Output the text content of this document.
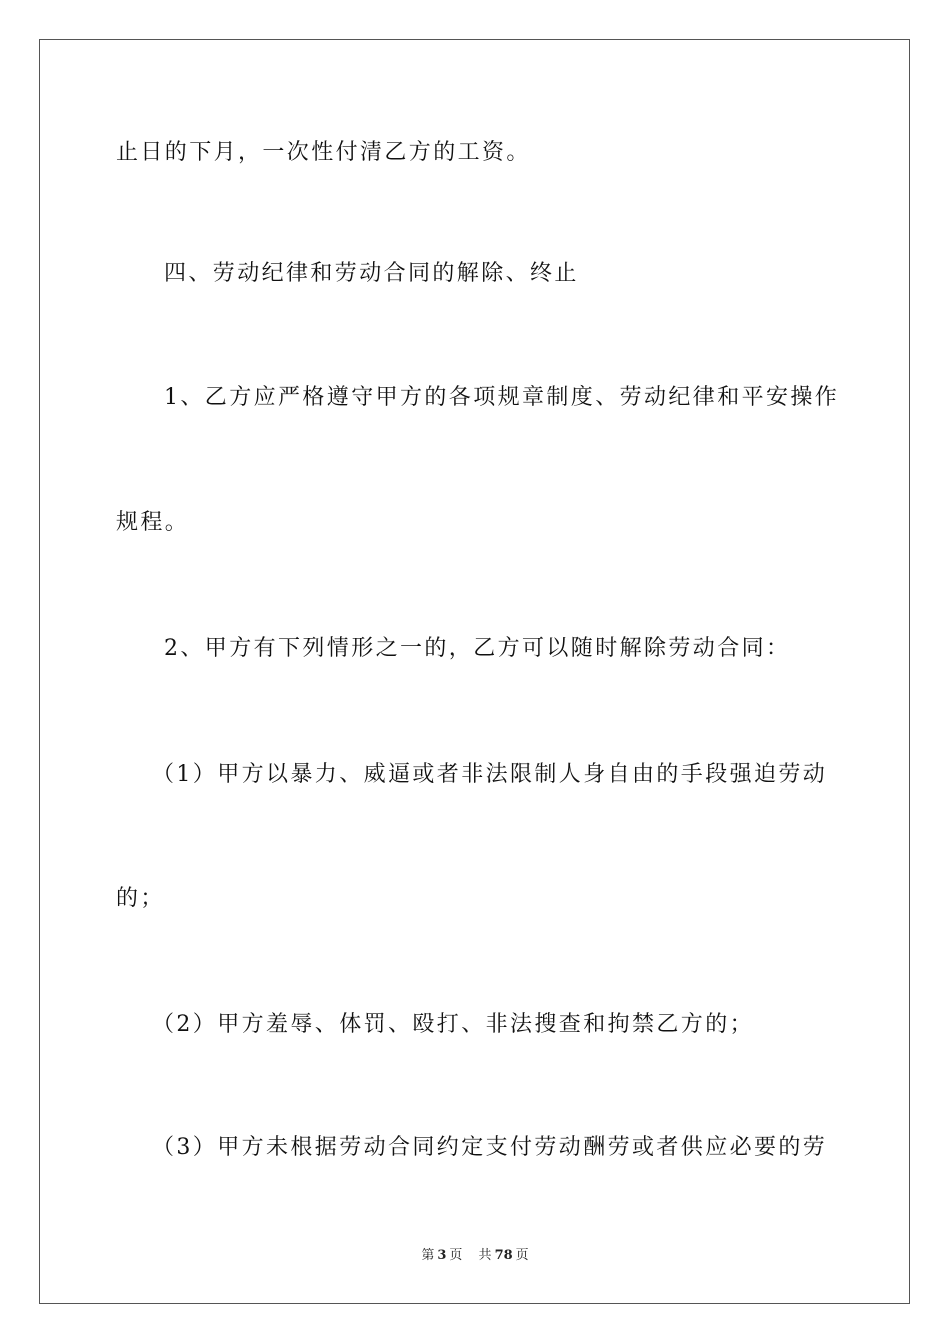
止日的下月，一次性付清乙方的工资。
四、劳动纪律和劳动合同的解除、终止
1、乙方应严格遵守甲方的各项规章制度、劳动纪律和平安操作
规程。
2、甲方有下列情形之一的，乙方可以随时解除劳动合同：
（1）甲方以暴力、威逼或者非法限制人身自由的手段强迫劳动
的；
（2）甲方羞辱、体罚、殴打、非法搜查和拘禁乙方的；
（3）甲方未根据劳动合同约定支付劳动酬劳或者供应必要的劳
第 3 页 共 78 页
